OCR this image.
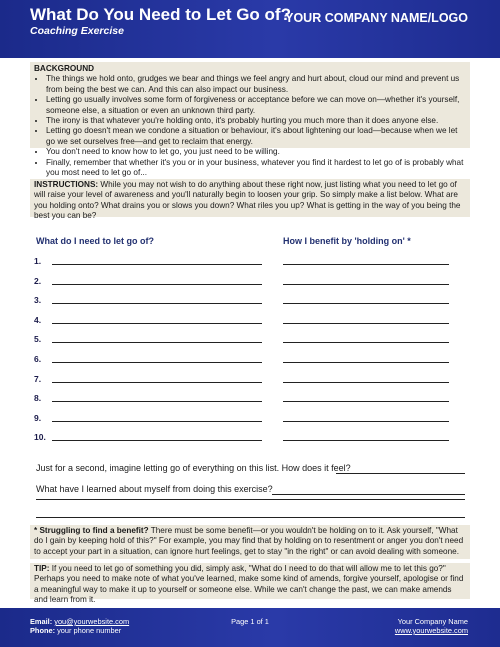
What Do You Need to Let Go of?
Coaching Exercise
YOUR COMPANY NAME/LOGO
BACKGROUND
• The things we hold onto, grudges we bear and things we feel angry and hurt about, cloud our mind and prevent us from being the best we can. And this can also impact our business.
• Letting go usually involves some form of forgiveness or acceptance before we can move on—whether it's yourself, someone else, a situation or even an unknown third party.
• The irony is that whatever you're holding onto, it's probably hurting you much more than it does anyone else.
• Letting go doesn't mean we condone a situation or behaviour, it's about lightening our load—because when we let go we set ourselves free—and get to reclaim that energy.
• You don't need to know how to let go, you just need to be willing.
• Finally, remember that whether it's you or in your business, whatever you find it hardest to let go of is probably what you most need to let go of...
INSTRUCTIONS: While you may not wish to do anything about these right now, just listing what you need to let go of will raise your level of awareness and you'll naturally begin to loosen your grip. So simply make a list below. What are you holding onto? What drains you or slows you down? What riles you up? What is getting in the way of you being the best you can be?
What do I need to let go of?	How I benefit by 'holding on' *
1.
2.
3.
4.
5.
6.
7.
8.
9.
10.
Just for a second, imagine letting go of everything on this list. How does it feel?
What have I learned about myself from doing this exercise?
* Struggling to find a benefit? There must be some benefit—or you wouldn't be holding on to it. Ask yourself, "What do I gain by keeping hold of this?" For example, you may find that by holding on to resentment or anger you don't need to accept your part in a situation, can ignore hurt feelings, get to stay "in the right" or can avoid dealing with someone.
TIP: If you need to let go of something you did, simply ask, "What do I need to do that will allow me to let this go?" Perhaps you need to make note of what you've learned, make some kind of amends, forgive yourself, apologise or find a meaningful way to make it up to yourself or someone else. While we can't change the past, we can make amends and learn from it.
Email: you@yourwebsite.com
Phone: your phone number
Page 1 of 1	Your Company Name
www.yourwebsite.com
